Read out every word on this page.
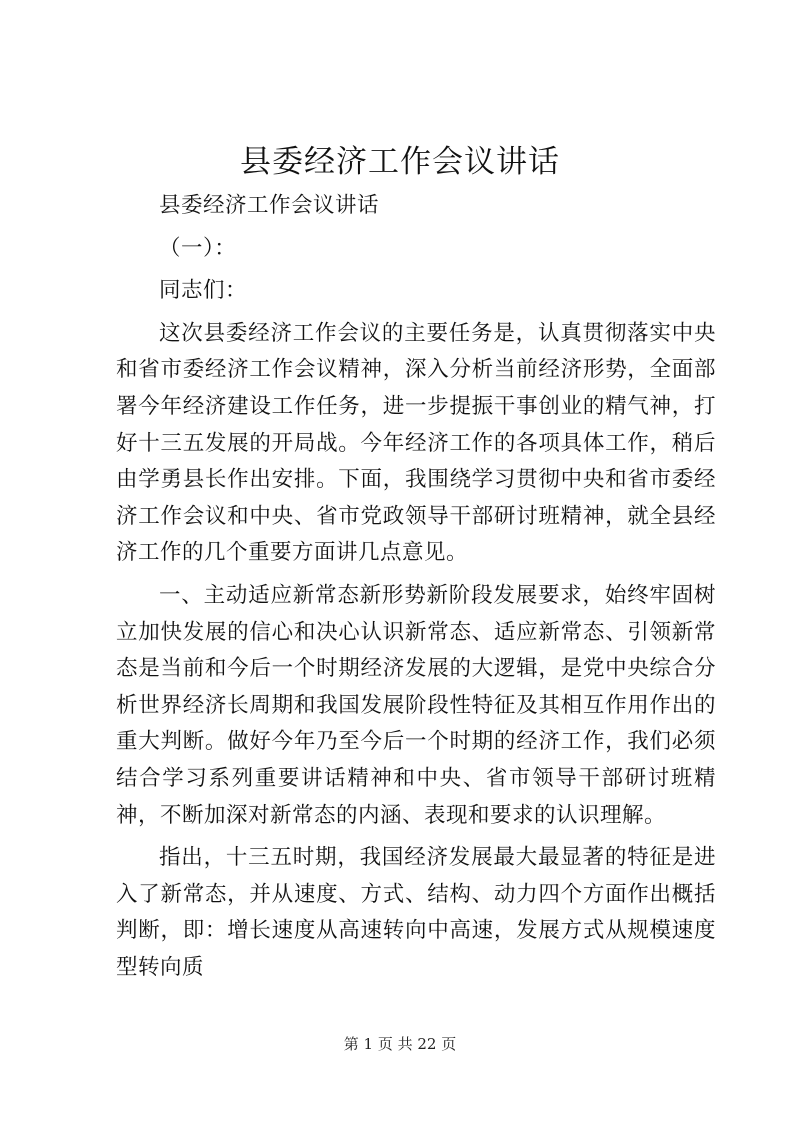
县委经济工作会议讲话

县委经济工作会议讲话

（一）：

同志们：

这次县委经济工作会议的主要任务是，认真贯彻落实中央和省市委经济工作会议精神，深入分析当前经济形势，全面部署今年经济建设工作任务，进一步提振干事创业的精气神，打好十三五发展的开局战。今年经济工作的各项具体工作，稍后由学勇县长作出安排。下面，我围绕学习贯彻中央和省市委经济工作会议和中央、省市党政领导干部研讨班精神，就全县经济工作的几个重要方面讲几点意见。

一、主动适应新常态新形势新阶段发展要求，始终牢固树立加快发展的信心和决心认识新常态、适应新常态、引领新常态是当前和今后一个时期经济发展的大逻辑，是党中央综合分析世界经济长周期和我国发展阶段性特征及其相互作用作出的重大判断。做好今年乃至今后一个时期的经济工作，我们必须结合学习系列重要讲话精神和中央、省市领导干部研讨班精神，不断加深对新常态的内涵、表现和要求的认识理解。

指出，十三五时期，我国经济发展最大最显著的特征是进入了新常态，并从速度、方式、结构、动力四个方面作出概括判断，即：增长速度从高速转向中高速，发展方式从规模速度型转向质

第 1 页 共 22 页
